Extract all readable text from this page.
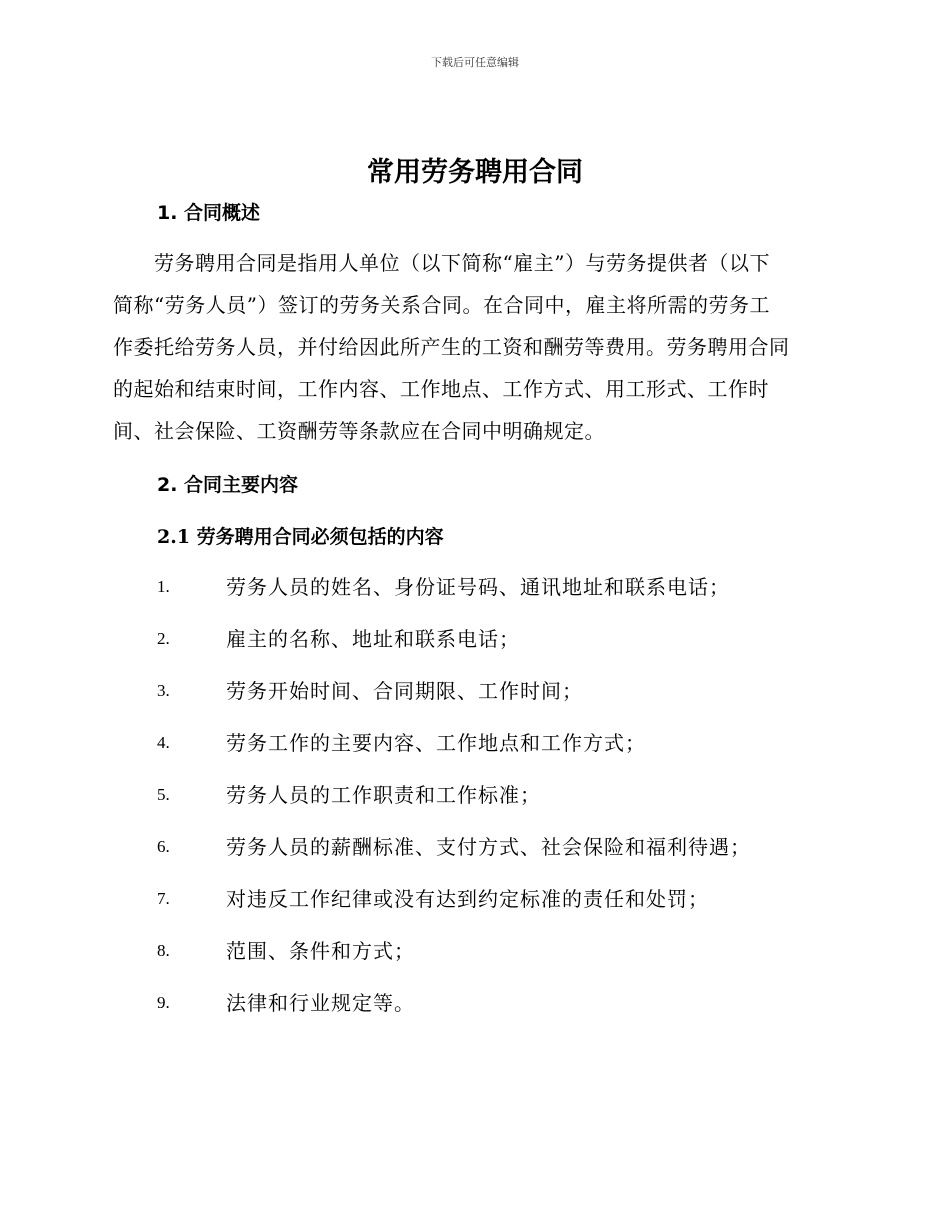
下载后可任意编辑
常用劳务聘用合同
1. 合同概述
　　劳务聘用合同是指用人单位（以下简称“雇主”）与劳务提供者（以下
简称“劳务人员”）签订的劳务关系合同。在合同中，雇主将所需的劳务工
作委托给劳务人员，并付给因此所产生的工资和酬劳等费用。劳务聘用合同
的起始和结束时间，工作内容、工作地点、工作方式、用工形式、工作时
间、社会保险、工资酬劳等条款应在合同中明确规定。
2. 合同主要内容
2.1 劳务聘用合同必须包括的内容
1.	劳务人员的姓名、身份证号码、通讯地址和联系电话；
2.	雇主的名称、地址和联系电话；
3.	劳务开始时间、合同期限、工作时间；
4.	劳务工作的主要内容、工作地点和工作方式；
5.	劳务人员的工作职责和工作标准；
6.	劳务人员的薪酬标准、支付方式、社会保险和福利待遇；
7.	对违反工作纪律或没有达到约定标准的责任和处罚；
8.	范围、条件和方式；
9.	法律和行业规定等。
